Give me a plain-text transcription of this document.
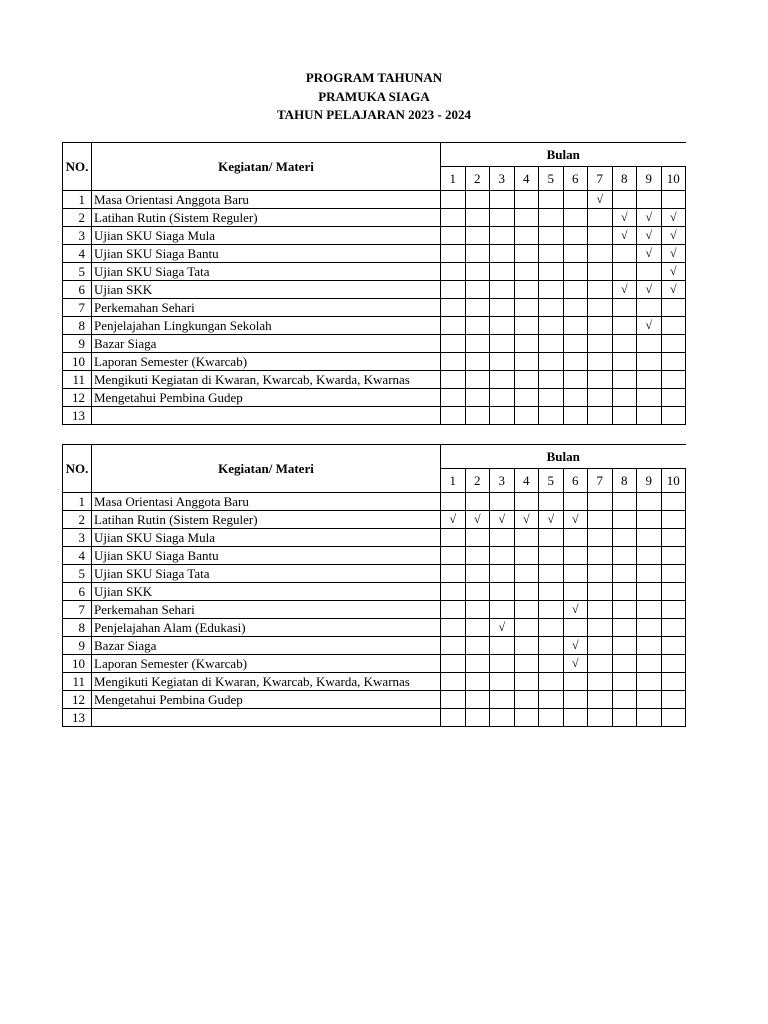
PROGRAM TAHUNAN
PRAMUKA SIAGA
TAHUN PELAJARAN 2023 - 2024
NO.	Kegiatan/ Materi	Bulan									
		1	2	3	4	5	6	7	8	9	10
1	Masa Orientasi Anggota Baru							√			
2	Latihan Rutin (Sistem Reguler)								√	√	√
3	Ujian SKU Siaga Mula								√	√	√
4	Ujian SKU Siaga Bantu									√	√
5	Ujian SKU Siaga Tata										√
6	Ujian SKK								√	√	√
7	Perkemahan Sehari										
8	Penjelajahan Lingkungan Sekolah									√	
9	Bazar Siaga										
10	Laporan Semester (Kwarcab)										
11	Mengikuti Kegiatan di Kwaran, Kwarcab, Kwarda, Kwarnas										
12	Mengetahui Pembina Gudep										
13											
NO.	Kegiatan/ Materi	Bulan									
		1	2	3	4	5	6	7	8	9	10
1	Masa Orientasi Anggota Baru										
2	Latihan Rutin (Sistem Reguler)	√	√	√	√	√	√				
3	Ujian SKU Siaga Mula										
4	Ujian SKU Siaga Bantu										
5	Ujian SKU Siaga Tata										
6	Ujian SKK										
7	Perkemahan Sehari						√				
8	Penjelajahan Alam (Edukasi)			√							
9	Bazar Siaga						√				
10	Laporan Semester (Kwarcab)						√				
11	Mengikuti Kegiatan di Kwaran, Kwarcab, Kwarda, Kwarnas										
12	Mengetahui Pembina Gudep										
13											
